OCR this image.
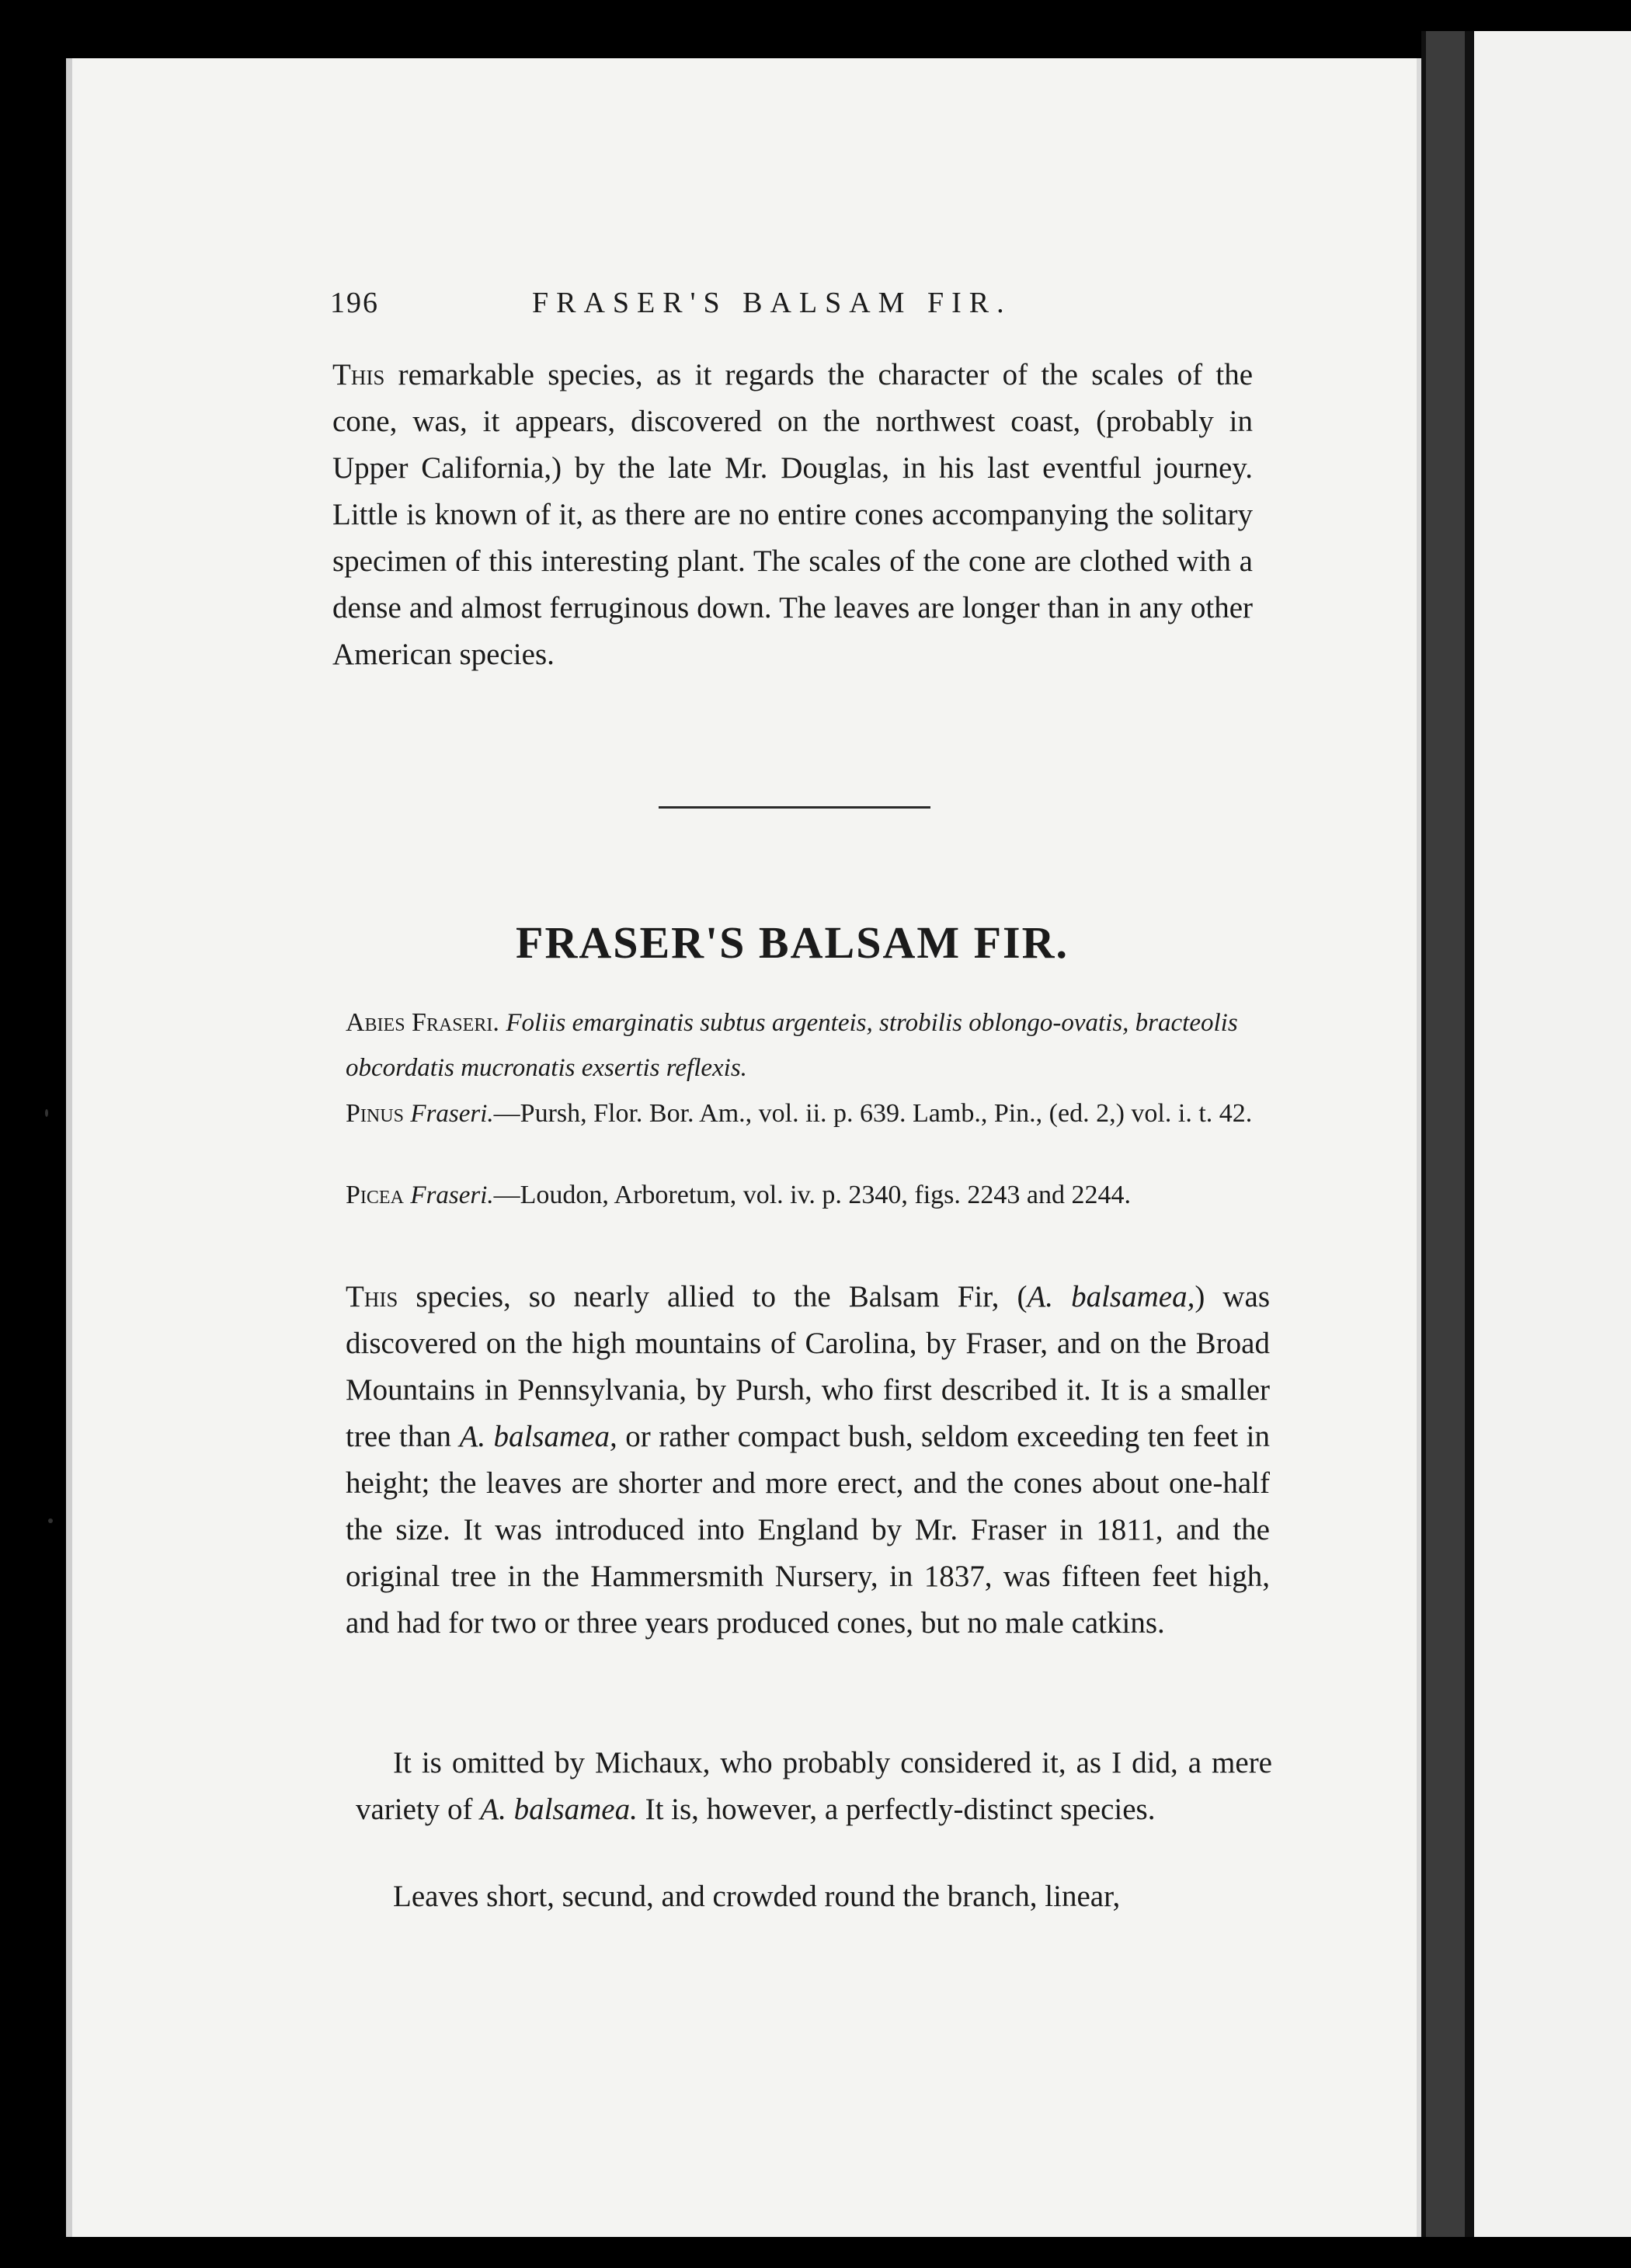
196	FRASER'S BALSAM FIR.

This remarkable species, as it regards the character of the scales of the cone, was, it appears, discovered on the northwest coast, (probably in Upper California,) by the late Mr. Douglas, in his last eventful journey. Little is known of it, as there are no entire cones accompanying the solitary specimen of this interesting plant. The scales of the cone are clothed with a dense and almost ferruginous down. The leaves are longer than in any other American species.

FRASER'S BALSAM FIR.
Abies Fraseri. Foliis emarginatis subtus argenteis, strobilis oblongo-ovatis, bracteolis obcordatis mucronatis exsertis reflexis.
Pinus Fraseri.—Pursh, Flor. Bor. Am., vol. ii. p. 639. Lamb., Pin., (ed. 2,) vol. i. t. 42.
Picea Fraseri.—Loudon, Arboretum, vol. iv. p. 2340, figs. 2243 and 2244.

This species, so nearly allied to the Balsam Fir, (A. balsamea,) was discovered on the high mountains of Carolina, by Fraser, and on the Broad Mountains in Pennsylvania, by Pursh, who first described it. It is a smaller tree than A. balsamea, or rather compact bush, seldom exceeding ten feet in height; the leaves are shorter and more erect, and the cones about one-half the size. It was introduced into England by Mr. Fraser in 1811, and the original tree in the Hammersmith Nursery, in 1837, was fifteen feet high, and had for two or three years produced cones, but no male catkins.

It is omitted by Michaux, who probably considered it, as I did, a mere variety of A. balsamea. It is, however, a perfectly-distinct species.

Leaves short, secund, and crowded round the branch, linear,
